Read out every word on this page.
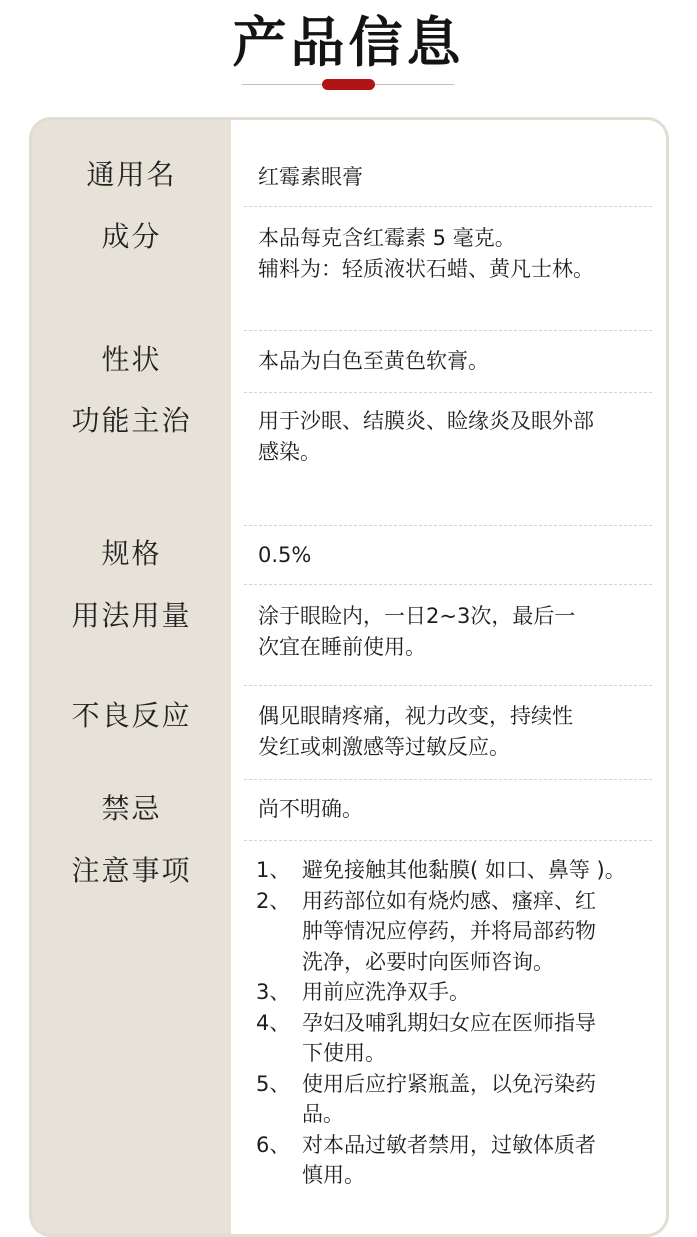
产品信息
通用名	红霉素眼膏
成分	本品每克含红霉素 5 毫克。
辅料为：轻质液状石蜡、黄凡士林。
性状	本品为白色至黄色软膏。
功能主治	用于沙眼、结膜炎、睑缘炎及眼外部
感染。
规格	0.5%
用法用量	涂于眼睑内，一日2~3次，最后一
次宜在睡前使用。
不良反应	偶见眼睛疼痛，视力改变，持续性
发红或刺激感等过敏反应。
禁忌	尚不明确。
注意事项	1、 避免接触其他黏膜( 如口、鼻等 )。
2、 用药部位如有烧灼感、瘙痒、红
肿等情况应停药，并将局部药物
洗净，必要时向医师咨询。
3、 用前应洗净双手。
4、 孕妇及哺乳期妇女应在医师指导
下使用。
5、 使用后应拧紧瓶盖，以免污染药
品。
6、 对本品过敏者禁用，过敏体质者
慎用。
